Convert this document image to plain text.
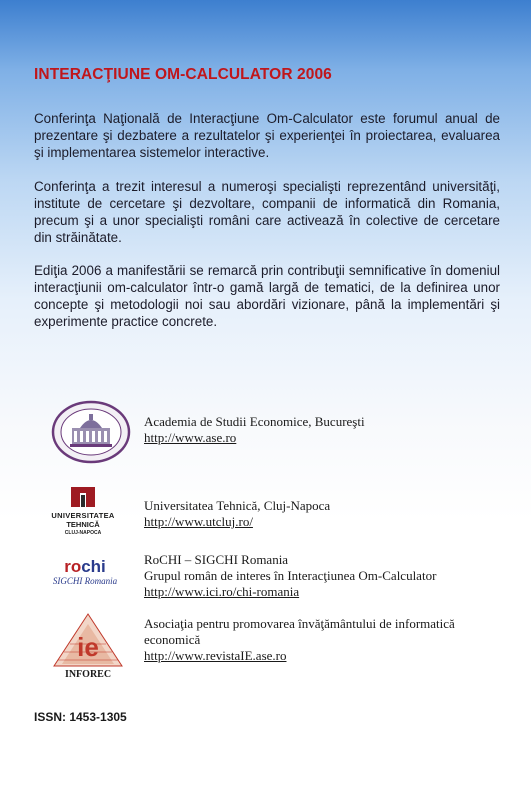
INTERACŢIUNE OM-CALCULATOR 2006

Conferinţa Naţională de Interacţiune Om-Calculator este forumul anual de prezentare şi dezbatere a rezultatelor şi experienţei în proiectarea, evaluarea şi implementarea sistemelor interactive.

Conferinţa a trezit interesul a numeroşi specialişti reprezentând universităţi, institute de cercetare şi dezvoltare, companii de informatică din Romania, precum şi a unor specialişti români care activează în colective de cercetare din străinătate.

Ediţia 2006 a manifestării se remarcă prin contribuţii semnificative în domeniul interacţiunii om-calculator într-o gamă largă de tematici, de la definirea unor concepte şi metodologii noi sau abordări vizionare, până la implementări şi experimente practice concrete.

Academia de Studii Economice, Bucureşti
http://www.ase.ro
UNIVERSITATEA
TEHNICĂ
CLUJ-NAPOCA
Universitatea Tehnică, Cluj-Napoca
http://www.utcluj.ro/
rochi
SIGCHI Romania
RoCHI – SIGCHI Romania
Grupul român de interes în Interacţiunea Om-Calculator
http://www.ici.ro/chi-romania
ie
INFOREC
Asociaţia pentru promovarea învăţământului de informatică economică
http://www.revistaIE.ase.ro
ISSN: 1453-1305
